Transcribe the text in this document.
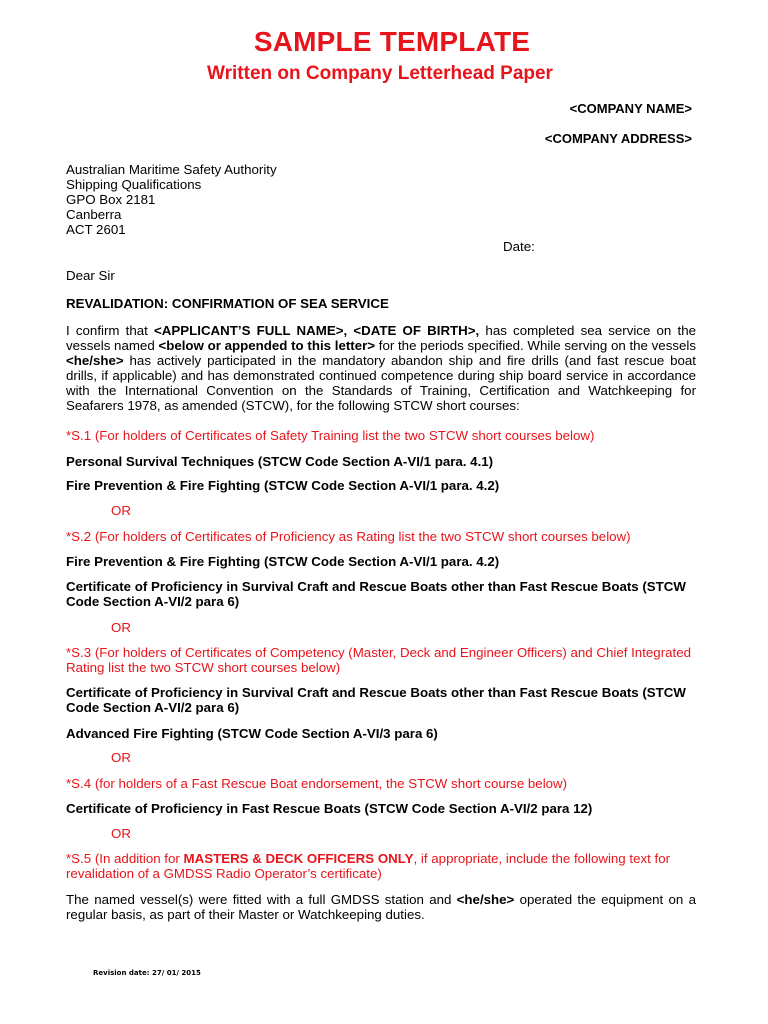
SAMPLE TEMPLATE
Written on Company Letterhead Paper
<COMPANY NAME>
<COMPANY ADDRESS>
Australian Maritime Safety Authority
Shipping Qualifications
GPO Box 2181
Canberra
ACT 2601
Date:
Dear Sir
REVALIDATION: CONFIRMATION OF SEA SERVICE
I confirm that <APPLICANT’S FULL NAME>, <DATE OF BIRTH>, has completed sea service on the vessels named <below or appended to this letter> for the periods specified. While serving on the vessels <he/she> has actively participated in the mandatory abandon ship and fire drills (and fast rescue boat drills, if applicable) and has demonstrated continued competence during ship board service in accordance with the International Convention on the Standards of Training, Certification and Watchkeeping for Seafarers 1978, as amended (STCW), for the following STCW short courses:
*S.1 (For holders of Certificates of Safety Training list the two STCW short courses below)
Personal Survival Techniques (STCW Code Section A-VI/1 para. 4.1)
Fire Prevention & Fire Fighting (STCW Code Section A-VI/1 para. 4.2)
OR
*S.2 (For holders of Certificates of Proficiency as Rating list the two STCW short courses below)
Fire Prevention & Fire Fighting (STCW Code Section A-VI/1 para. 4.2)
Certificate of Proficiency in Survival Craft and Rescue Boats other than Fast Rescue Boats (STCW Code Section A-VI/2 para 6)
OR
*S.3 (For holders of Certificates of Competency (Master, Deck and Engineer Officers) and Chief Integrated Rating list the two STCW short courses below)
Certificate of Proficiency in Survival Craft and Rescue Boats other than Fast Rescue Boats (STCW Code Section A-VI/2 para 6)
Advanced Fire Fighting (STCW Code Section A-VI/3 para 6)
OR
*S.4 (for holders of a Fast Rescue Boat endorsement, the STCW short course below)
Certificate of Proficiency in Fast Rescue Boats (STCW Code Section A-VI/2 para 12)
OR
*S.5 (In addition for MASTERS & DECK OFFICERS ONLY, if appropriate, include the following text for revalidation of a GMDSS Radio Operator’s certificate)
The named vessel(s) were fitted with a full GMDSS station and <he/she> operated the equipment on a regular basis, as part of their Master or Watchkeeping duties.
Revision date: 27/ 01/ 2015
